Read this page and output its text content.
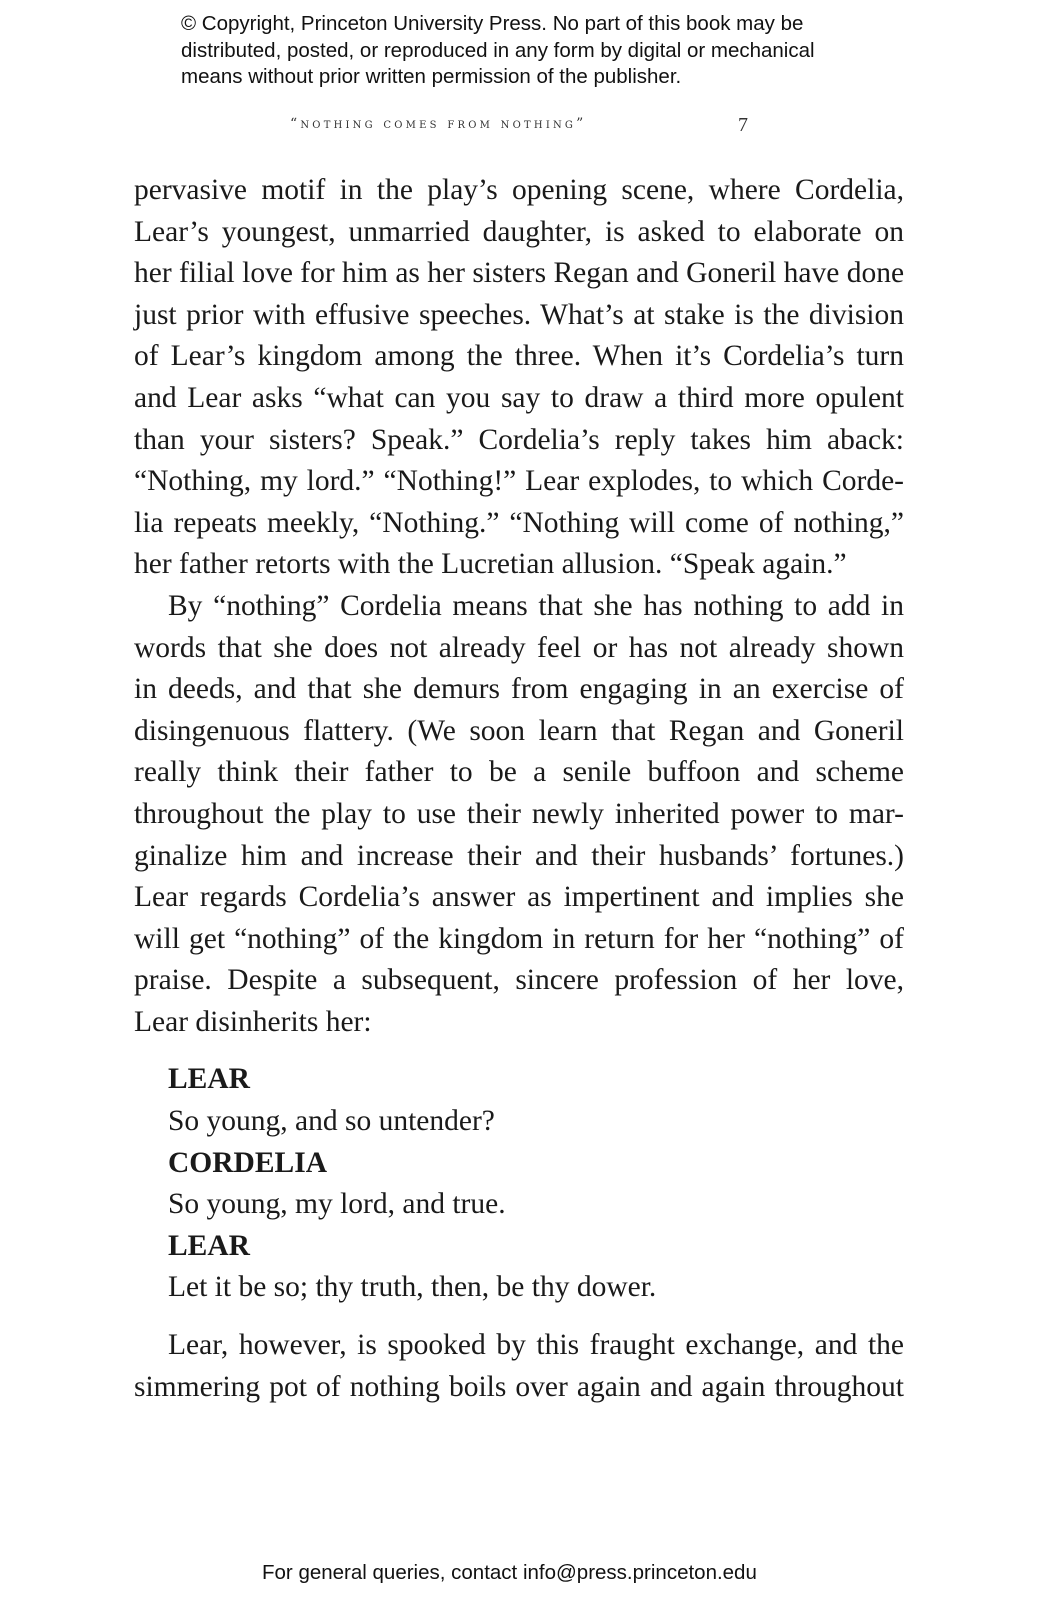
© Copyright, Princeton University Press. No part of this book may be
distributed, posted, or reproduced in any form by digital or mechanical
means without prior written permission of the publisher.
“nothing comes from nothing”	7
pervasive motif in the play’s opening scene, where Cordelia,
Lear’s youngest, unmarried daughter, is asked to elaborate on
her filial love for him as her sisters Regan and Goneril have done
just prior with effusive speeches. What’s at stake is the division
of Lear’s kingdom among the three. When it’s Cordelia’s turn
and Lear asks “what can you say to draw a third more opulent
than your sisters? Speak.” Cordelia’s reply takes him aback:
“Nothing, my lord.” “Nothing!” Lear explodes, to which Corde-
lia repeats meekly, “Nothing.” “Nothing will come of nothing,”
her father retorts with the Lucretian allusion. “Speak again.”
By “nothing” Cordelia means that she has nothing to add in
words that she does not already feel or has not already shown
in deeds, and that she demurs from engaging in an exercise of
disingenuous flattery. (We soon learn that Regan and Goneril
really think their father to be a senile buffoon and scheme
throughout the play to use their newly inherited power to mar-
ginalize him and increase their and their husbands’ fortunes.)
Lear regards Cordelia’s answer as impertinent and implies she
will get “nothing” of the kingdom in return for her “nothing” of
praise. Despite a subsequent, sincere profession of her love,
Lear disinherits her:
LEAR
So young, and so untender?
CORDELIA
So young, my lord, and true.
LEAR
Let it be so; thy truth, then, be thy dower.
Lear, however, is spooked by this fraught exchange, and the
simmering pot of nothing boils over again and again throughout
For general queries, contact info@press.princeton.edu
